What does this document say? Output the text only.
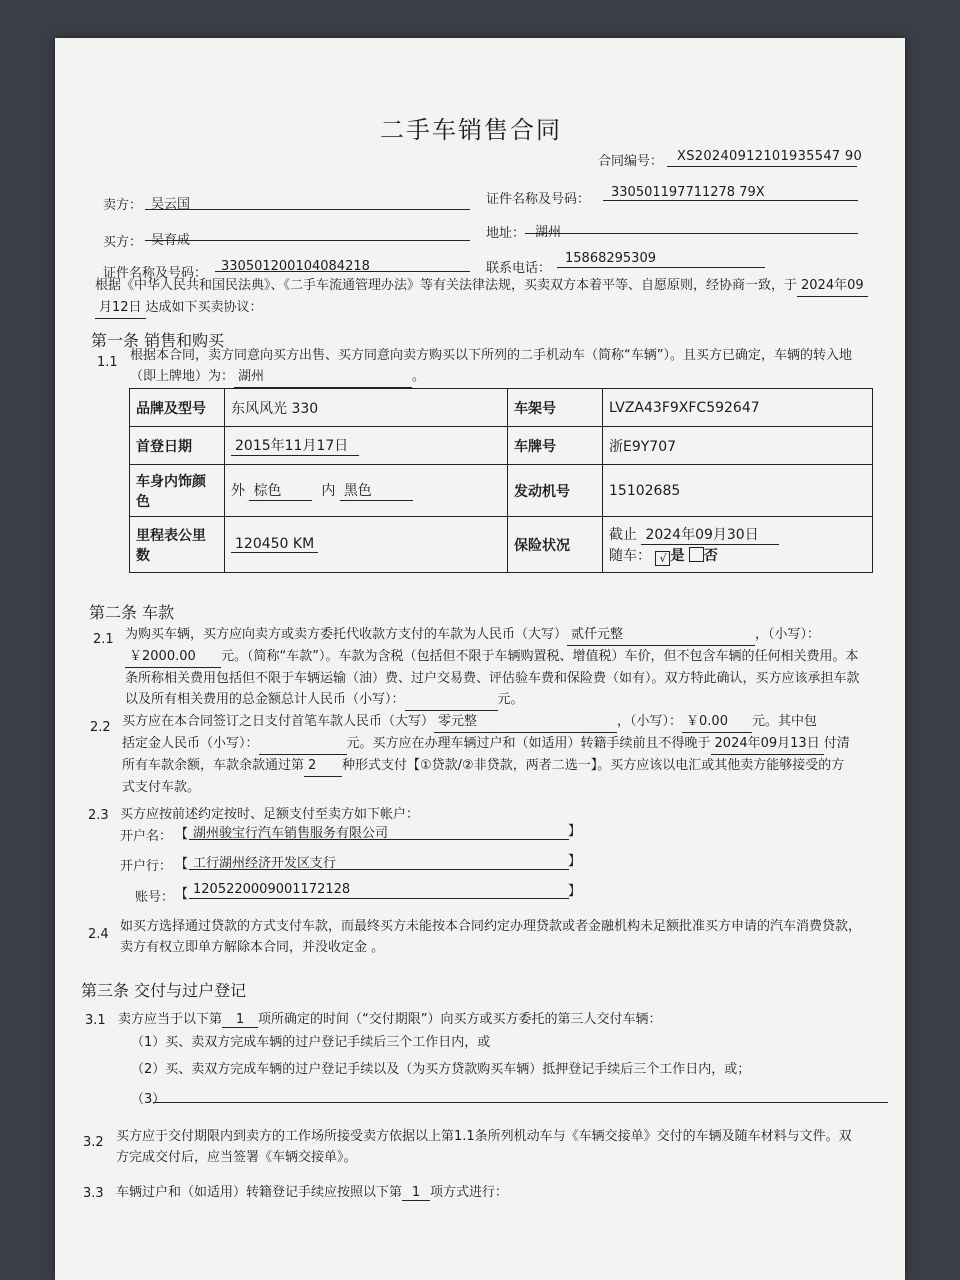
二手车销售合同
合同编号： XS20240912101935547 90
卖方： 吴云国	证件名称及号码： 330501197711278 79X
买方： 吴育成	地址： 湖州
证件名称及号码： 330501200104084218	联系电话：
15868295309
根据《中华人民共和国民法典》、《二手车流通管理办法》等有关法律法规，买卖双方本着平等、自愿原则，经协商一致，于 2024年09
月12日 达成如下买卖协议：
第一条 销售和购买
1.1 根据本合同，卖方同意向买方出售、买方同意向卖方购买以下所列的二手机动车（简称“车辆”）。且买方已确定，车辆的转入地
（即上牌地）为： 湖州	。
品牌及型号	东风风光 330	车架号	LVZA43F9XFC592647
首登日期	2015年11月17日	车牌号	浙E9Y707
车身内饰颜色	外 棕色 内 黑色	发动机号	15102685
里程表公里数	120450 KM	保险状况	截止 2024年09月30日
随车： √ 是 否
第二条 车款
2.1 为购买车辆，买方应向卖方或卖方委托代收款方支付的车款为人民币（大写） 贰仟元整	，（小写）：
￥2000.00 元。（简称“车款”）。车款为含税（包括但不限于车辆购置税、增值税）车价，但不包含车辆的任何相关费用。本
条所称相关费用包括但不限于车辆运输（油）费、过户交易费、评估验车费和保险费（如有）。双方特此确认，买方应该承担车款
以及所有相关费用的总金额总计人民币（小写）：	元。
2.2 买方应在本合同签订之日支付首笔车款人民币（大写） 零元整	，（小写）： ￥0.00 元。其中包
括定金人民币（小写）：	元。买方应在办理车辆过户和（如适用）转籍手续前且不得晚于 2024年09月13日 付清
所有车款余额，车款余款通过第 2 种形式支付【①贷款/②非贷款，两者二选一】。买方应该以电汇或其他卖方能够接受的方
式支付车款。
2.3 买方应按前述约定按时、足额支付至卖方如下帐户：
开户名： 【 湖州骏宝行汽车销售服务有限公司	】
开户行： 【 工行湖州经济开发区支行	】
账号： 【 1205220009001172128	】
2.4
如买方选择通过贷款的方式支付车款，而最终买方未能按本合同约定办理贷款或者金融机构未足额批准买方申请的汽车消费贷款，
卖方有权立即单方解除本合同，并没收定金 。
第三条 交付与过户登记
3.1 卖方应当于以下第 1 项所确定的时间（“交付期限”）向买方或买方委托的第三人交付车辆：
（1）买、卖双方完成车辆的过户登记手续后三个工作日内，或
（2）买、卖双方完成车辆的过户登记手续以及（为买方贷款购买车辆）抵押登记手续后三个工作日内，或；
（3）
3.2 买方应于交付期限内到卖方的工作场所接受卖方依据以上第1.1条所列机动车与《车辆交接单》交付的车辆及随车材料与文件。双
方完成交付后，应当签署《车辆交接单》。
3.3 车辆过户和（如适用）转籍登记手续应按照以下第 1 项方式进行：
